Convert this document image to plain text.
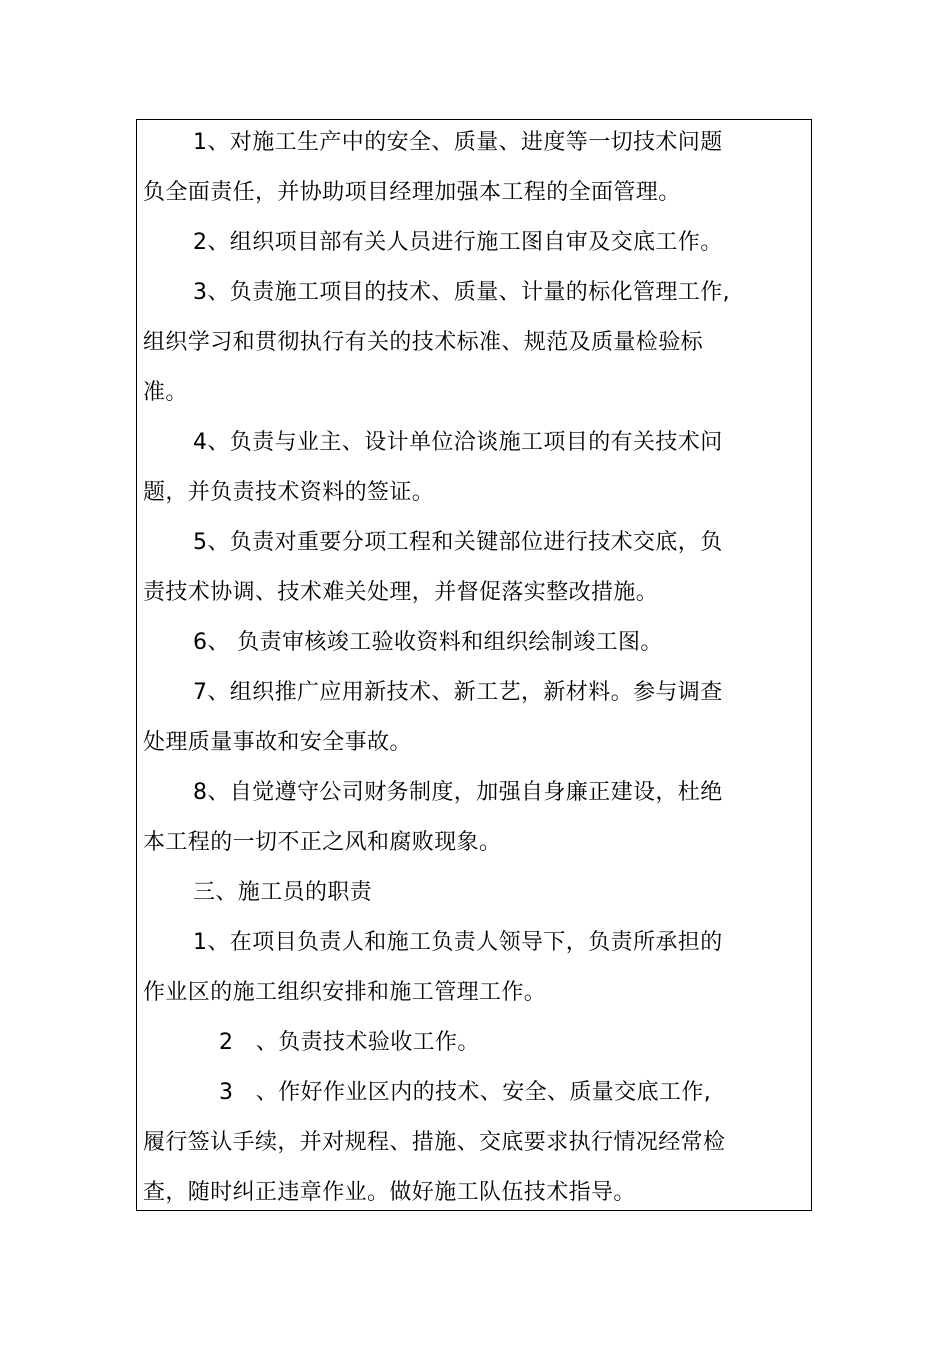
1、对施工生产中的安全、质量、进度等一切技术问题
负全面责任，并协助项目经理加强本工程的全面管理。
2、组织项目部有关人员进行施工图自审及交底工作。
3、负责施工项目的技术、质量、计量的标化管理工作,
组织学习和贯彻执行有关的技术标准、规范及质量检验标
准。
4、负责与业主、设计单位洽谈施工项目的有关技术问
题，并负责技术资料的签证。
5、负责对重要分项工程和关键部位进行技术交底，负
责技术协调、技术难关处理，并督促落实整改措施。
6、 负责审核竣工验收资料和组织绘制竣工图。
7、组织推广应用新技术、新工艺，新材料。参与调查
处理质量事故和安全事故。
8、自觉遵守公司财务制度，加强自身廉正建设，杜绝
本工程的一切不正之风和腐败现象。
三、施工员的职责
1、在项目负责人和施工负责人领导下，负责所承担的
作业区的施工组织安排和施工管理工作。
2　、负责技术验收工作。
3　、作好作业区内的技术、安全、质量交底工作,
履行签认手续，并对规程、措施、交底要求执行情况经常检
查，随时纠正违章作业。做好施工队伍技术指导。
